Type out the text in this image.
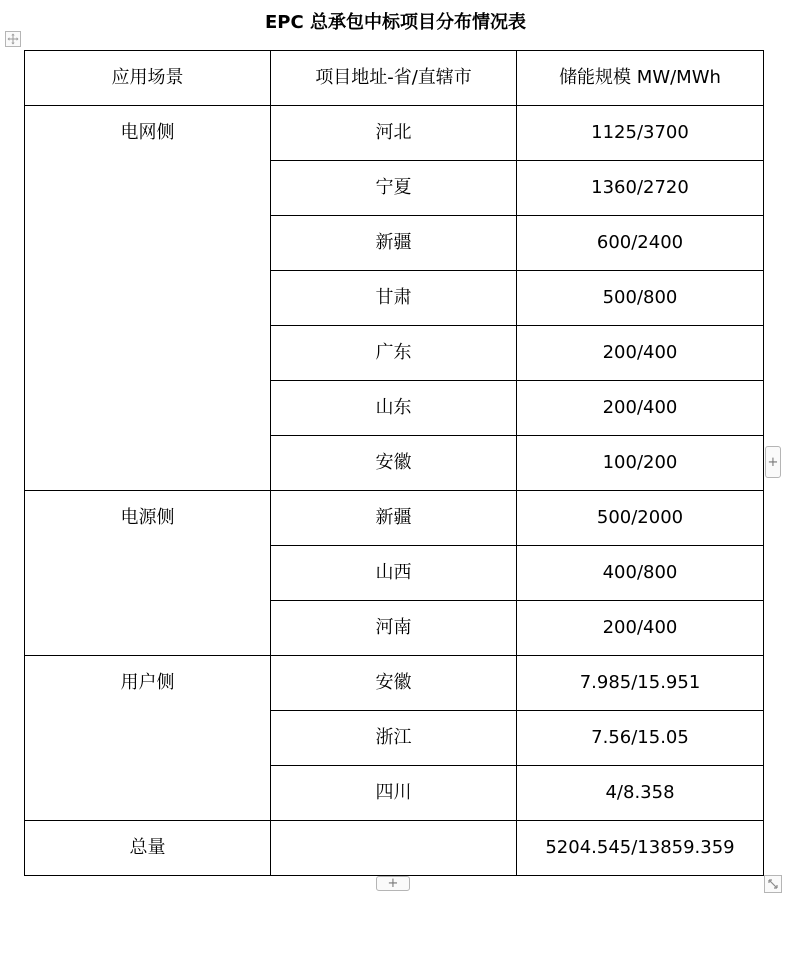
EPC 总承包中标项目分布情况表
应用场景	项目地址-省/直辖市	储能规模 MW/MWh
电网侧	河北	1125/3700
	宁夏	1360/2720
	新疆	600/2400
	甘肃	500/800
	广东	200/400
	山东	200/400
	安徽	100/200
电源侧	新疆	500/2000
	山西	400/800
	河南	200/400
用户侧	安徽	7.985/15.951
	浙江	7.56/15.05
	四川	4/8.358
总量		5204.545/13859.359
+
+
